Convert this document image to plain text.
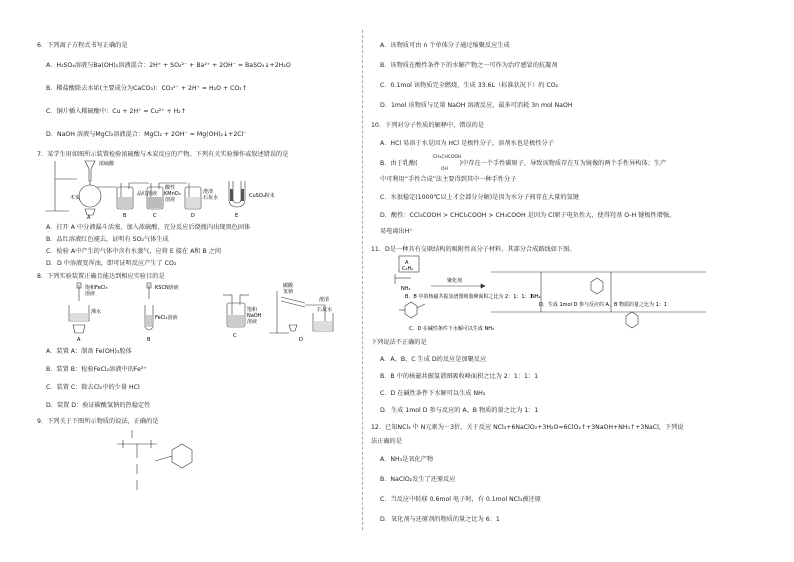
6．下列离子方程式书写正确的是

A．H₂SO₄溶液与Ba(OH)₂溶液混合：2H⁺ + SO₄²⁻ + Ba²⁺ + 2OH⁻ = BaSO₄↓+2H₂O

B．稀盐酸除去水垢(主要成分为CaCO₃)：CO₃²⁻ + 2H⁺ = H₂O + CO₂↑

C．铜片插入稀硫酸中：Cu + 2H⁺ = Cu²⁺ + H₂↑

D．NaOH 溶液与MgCl₂溶液混合：MgCl₂ + 2OH⁻ = Mg(OH)₂↓+2Cl⁻

7．某学生用如图所示装置检验浓硫酸与木炭反应的产物。下列有关实验操作或叙述错误的是

浓硫酸
木炭
品红溶液
酸性
KMnO₄
溶液
澄清
石灰水	CuSO₄粉末
A	B	C	D	E

A．打开 A 中分液漏斗活塞，加入浓硫酸，充分反应后烧瓶内出现黑色固体

B．品红溶液红色褪去，证明有 SO₂气体生成

C．检验 A中产生的气体中含有水蒸气，应将 E 接在 A和 B 之间

D．D 中溶液变浑浊，即可证明反应产生了 CO₂

8．下列实验装置正确且能达到相应实验目的是

饱和FeCl₃
溶液
沸水
KSCN溶液
FeCl₂溶液
饱和
NaOH
溶液
碳酸
氢钠
澄清
石灰水
A	B
C
D

A．装置 A：制备 Fe(OH)₃胶体

B．装置 B：检验FeCl₂溶液中的Fe³⁺

C．装置 C：除去Cl₂中的少量 HCl

D．装置 D：验证碳酸氢钠的热稳定性

9．下列关于下图所示物质的说法，正确的是

A．该物质可由 n 个单体分子通过缩聚反应生成

B．该物质在酸性条件下的水解产物之一可作为治疗感冒的抗凝剂

C．0.1mol 该物质完全燃烧，生成 33.6L（标准状况下）的 CO₂

D．1mol 该物质与足量 NaOH 溶液反应，最多可消耗 3n mol NaOH

10．下列对分子性质的解释中，错误的是

A．HCl 易溶于水是因为 HCl 是极性分子，溶剂水也是极性分子

CH₃CHCOOH
OH

B．由于乳酸(	)中存在一个手性碳原子，导致该物质存在互为镜像的两个手性异构体；生产

中可利用“手性合成”法主要得到其中一种手性分子

C．水很稳定(1000℃以上才会部分分解)是因为水分子间存在大量的氢键

D．酸性：CCl₃COOH > CHCl₂COOH > CH₃COOH 是因为 Cl原子电负性大，使得羟基 O-H 键极性增强，

易电离出H⁺

11．D是一种具有交联结构的吸附性高分子材料，其部分合成路线如下图。

A
C₂H₂
NH₂
B．B 中的核磁共振氢谱图吸收峰面积之比为 2：1：1：1
C．D 在碱性条件下水解可以生成 NH₃
聚化剂
NH₂
D．生成 1mol D 参与反应的 A、B 物质的量之比为 1：1

下列说法不正确的是

A．A、B、C 生成 D的反应是加聚反应

B．B 中的核磁共振氢谱图吸收峰面积之比为 2：1：1：1

C．D 在碱性条件下水解可以生成 NH₃

D．生成 1mol D 参与反应的 A、B 物质的量之比为 1：1

12．已知NCl₃ 中 N元素为－3价，关于反应 NCl₃+6NaClO₂+3H₂O=6ClO₂↑+3NaOH+NH₃↑+3NaCl，下列说

法正确的是

A．NH₃是氧化产物

B．NaClO₂发生了还原反应

C．当反应中转移 0.6mol 电子时，有 0.1mol NCl₃被还原

D．氧化剂与还原剂的物质的量之比为 6：1
